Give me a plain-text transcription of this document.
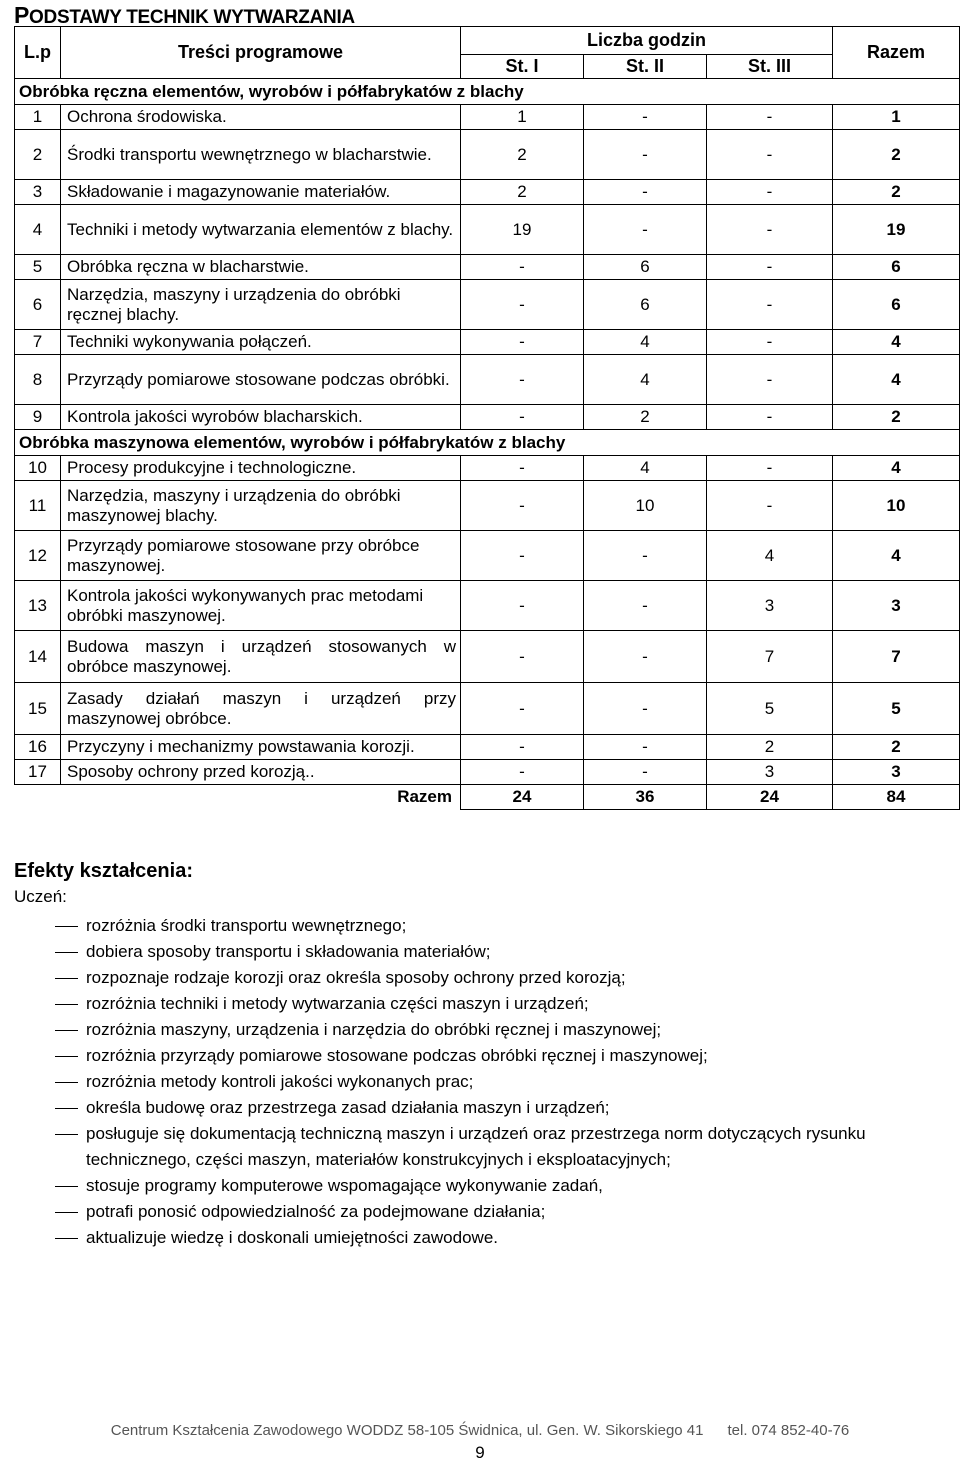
PODSTAWY TECHNIK WYTWARZANIA
L.p	Treści programowe	Liczba godzin			Razem
		St. I	St. II	St. III	
Obróbka ręczna elementów, wyrobów i półfabrykatów z blachy					
1	Ochrona środowiska.	1	-	-	1
2	Środki transportu wewnętrznego w blacharstwie.	2	-	-	2
3	Składowanie i magazynowanie materiałów.	2	-	-	2
4	Techniki i metody wytwarzania elementów z blachy.	19	-	-	19
5	Obróbka ręczna w blacharstwie.	-	6	-	6
6	Narzędzia, maszyny i urządzenia do obróbki ręcznej blachy.	-	6	-	6
7	Techniki wykonywania połączeń.	-	4	-	4
8	Przyrządy pomiarowe stosowane podczas obróbki.	-	4	-	4
9	Kontrola jakości wyrobów blacharskich.	-	2	-	2
Obróbka maszynowa elementów, wyrobów i półfabrykatów z blachy					
10	Procesy produkcyjne i technologiczne.	-	4	-	4
11	Narzędzia, maszyny i urządzenia do obróbki maszynowej blachy.	-	10	-	10
12	Przyrządy pomiarowe stosowane przy obróbce maszynowej.	-	-	4	4
13	Kontrola jakości wykonywanych prac metodami obróbki maszynowej.	-	-	3	3
14	Budowa maszyn i urządzeń stosowanych w obróbce maszynowej.	-	-	7	7
15	Zasady działań maszyn i urządzeń przy maszynowej obróbce.	-	-	5	5
16	Przyczyny i mechanizmy powstawania korozji.	-	-	2	2
17	Sposoby ochrony przed korozją..	-	-	3	3
	Razem	24	36	24	84
Efekty kształcenia:
Uczeń:
rozróżnia środki transportu wewnętrznego;
dobiera sposoby transportu i składowania materiałów;
rozpoznaje rodzaje korozji oraz określa sposoby ochrony przed korozją;
rozróżnia techniki i metody wytwarzania części maszyn i urządzeń;
rozróżnia maszyny, urządzenia i narzędzia do obróbki ręcznej i maszynowej;
rozróżnia przyrządy pomiarowe stosowane podczas obróbki ręcznej i maszynowej;
rozróżnia metody kontroli jakości wykonanych prac;
określa budowę oraz przestrzega zasad działania maszyn i urządzeń;
posługuje się dokumentacją techniczną maszyn i urządzeń oraz przestrzega norm dotyczących rysunku technicznego, części maszyn, materiałów konstrukcyjnych i eksploatacyjnych;
stosuje programy komputerowe wspomagające wykonywanie zadań,
potrafi ponosić odpowiedzialność za podejmowane działania;
aktualizuje wiedzę i doskonali umiejętności zawodowe.
Centrum Kształcenia Zawodowego WODDZ 58-105 Świdnica, ul. Gen. W. Sikorskiego 41 tel. 074 852-40-76
9
